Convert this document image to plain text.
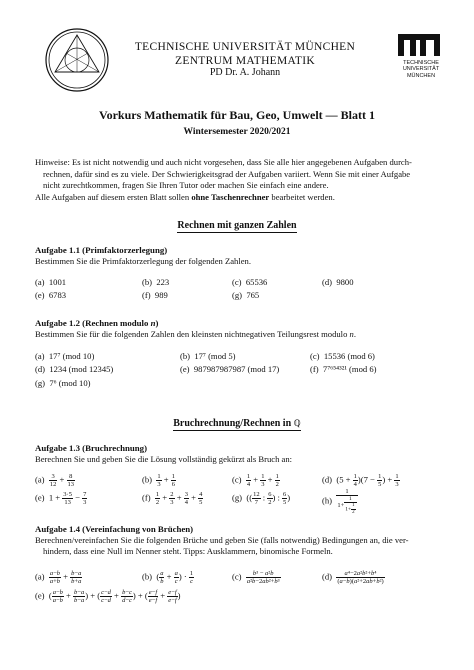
TECHNISCHE UNIVERSITÄT MÜNCHEN
ZENTRUM MATHEMATIK
PD Dr. A. Johann
TECHNISCHE
UNIVERSITÄT
MÜNCHEN
Vorkurs Mathematik für Bau, Geo, Umwelt — Blatt 1
Wintersemester 2020/2021

Hinweise: Es ist nicht notwendig und auch nicht vorgesehen, dass Sie alle hier angegebenen Aufgaben durch-

rechnen, dafür sind es zu viele. Der Schwierigkeitsgrad der Aufgaben variiert. Wenn Sie mit einer Aufgabe

nicht zurechtkommen, fragen Sie Ihren Tutor oder machen Sie einfach eine andere.

Alle Aufgaben auf diesem ersten Blatt sollen ohne Taschenrechner bearbeitet werden.

Rechnen mit ganzen Zahlen
Aufgabe 1.1 (Primfaktorzerlegung)
Bestimmen Sie die Primfaktorzerlegung der folgenden Zahlen.
(a) 1001	(b) 223	(c) 65536	(d) 9800
(e) 6783	(f) 989	(g) 765
Aufgabe 1.2 (Rechnen modulo n)
Bestimmen Sie für die folgenden Zahlen den kleinsten nichtnegativen Teilungsrest modulo n.
(a) 17⁷ (mod 10)	(b) 17⁷ (mod 5)	(c) 15536 (mod 6)
(d) 1234 (mod 12345)	(e) 987987987987 (mod 17)	(f) 7⁷⁶⁵⁴³²¹ (mod 6)
(g) 7⁶ (mod 10)
Bruchrechnung/Rechnen in ℚ
Aufgabe 1.3 (Bruchrechnung)
Berechnen Sie und geben Sie die Lösung vollständig gekürzt als Bruch an:
$(a) \frac{3}{12} + \frac{8}{13}$	$(b) \frac{1}{3} + \frac{1}{6}$	$(c) \frac{1}{4} + \frac{1}{3} + \frac{1}{2}$	(d)  $(5 + \frac{1}{4} )(7 - \frac{1}{5}$ ) + $\frac{1}{3}$
(e)  $1 + \frac{3\cdot 5}{13} - \frac{7}{3}$	$(f) \frac{1}{2} + \frac{2}{3} + \frac{3}{4} + \frac{4}{5}$	(g)  (( $\frac{12}{7}$ : $\frac{6}{2}$ ) : $\frac{6}{5}$ )	$(h) \frac{1}{1+ \frac{1}{1+ \frac{1}{2}}}$
Aufgabe 1.4 (Vereinfachung von Brüchen)
Berechnen/vereinfachen Sie die folgenden Brüche und geben Sie (falls notwendig) Bedingungen an, die ver-
hindern, dass eine Null im Nenner steht. Tipps: Ausklammern, binomische Formeln.
$(a) \frac{a-b}{a+b} + \frac{b-a}{b+a}$	(b)  ( $\frac{a}{b} + \frac{a}{c}$ ) · $\frac{1}{c}$	$(c) \frac{\text{b³ − a²b}}{\text{a²b−2ab²+b³}}$	$(d) \frac{\text{a⁴−2a²b²+b⁴}}{\text{(a−b)(a²+2ab+b²)}}$
(e)  ( $\frac{a-b}{a-b} + \frac{b-a}{b-a}$ ) + ( $\frac{c-d}{c-d} + \frac{b-c}{d-c}$ ) + ( $\frac{e-f}{e-f} + \frac{e-f}{e-f}$ )
